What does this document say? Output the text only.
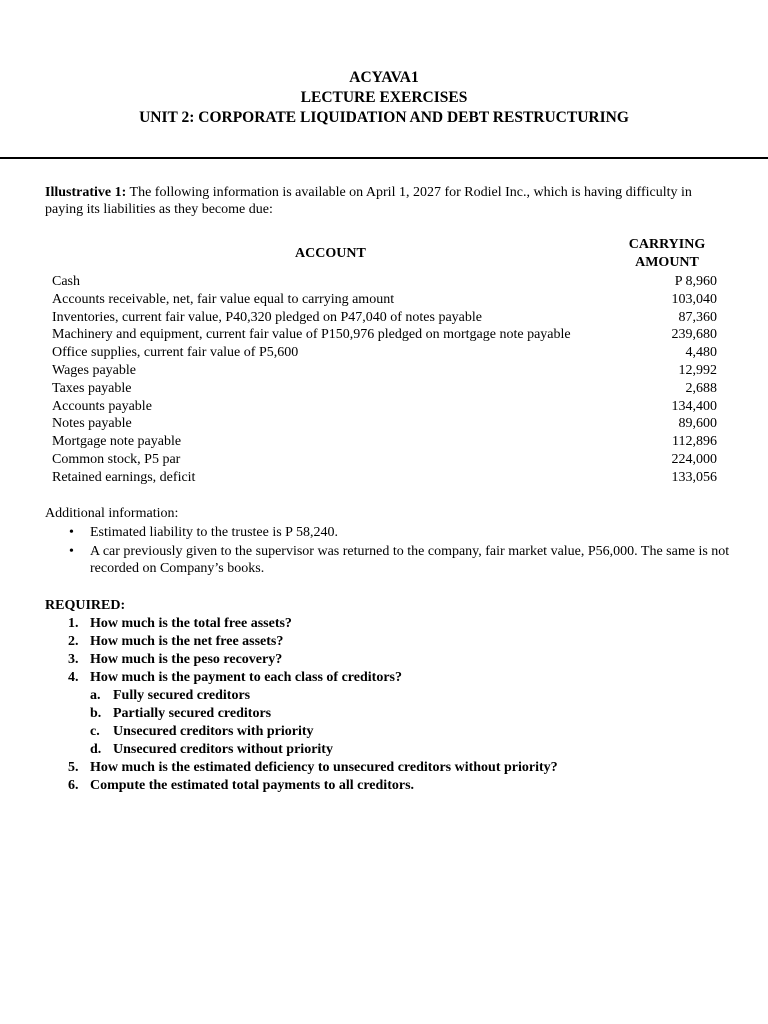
ACYAVA1
LECTURE EXERCISES
UNIT 2: CORPORATE LIQUIDATION AND DEBT RESTRUCTURING
Illustrative 1: The following information is available on April 1, 2027 for Rodiel Inc., which is having difficulty in paying its liabilities as they become due:
ACCOUNT
CARRYING
AMOUNT
Cash	P 8,960
Accounts receivable, net, fair value equal to carrying amount	103,040
Inventories, current fair value, P40,320 pledged on P47,040 of notes payable	87,360
Machinery and equipment, current fair value of P150,976 pledged on mortgage note payable	239,680
Office supplies, current fair value of P5,600	4,480
Wages payable	12,992
Taxes payable	2,688
Accounts payable	134,400
Notes payable	89,600
Mortgage note payable	112,896
Common stock, P5 par	224,000
Retained earnings, deficit	133,056
Additional information:
• Estimated liability to the trustee is P 58,240.
• A car previously given to the supervisor was returned to the company, fair market value, P56,000. The same is not recorded on Company’s books.
REQUIRED:
1. How much is the total free assets?
2. How much is the net free assets?
3. How much is the peso recovery?
4. How much is the payment to each class of creditors?
a. Fully secured creditors
b. Partially secured creditors
c. Unsecured creditors with priority
d. Unsecured creditors without priority
5. How much is the estimated deficiency to unsecured creditors without priority?
6. Compute the estimated total payments to all creditors.
